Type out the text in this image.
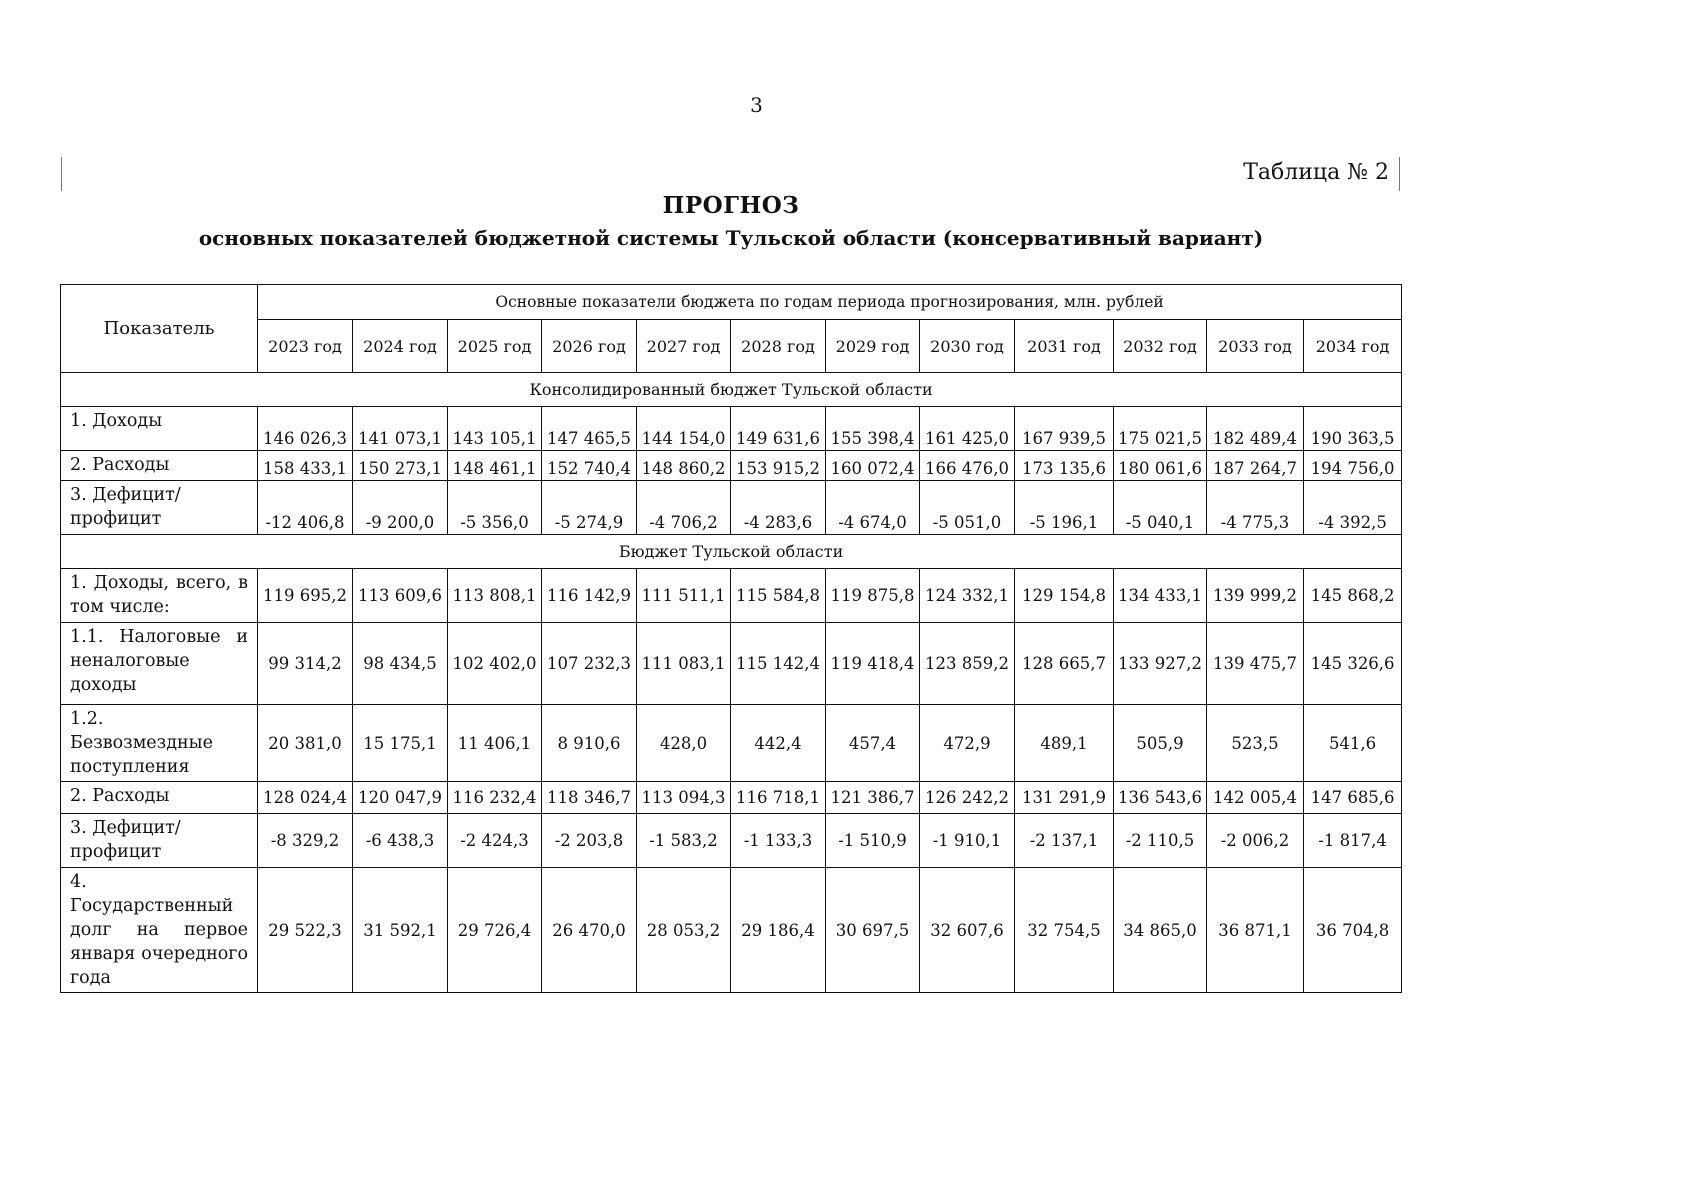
3
Таблица № 2
ПРОГНОЗ
основных показателей бюджетной системы Тульской области (консервативный вариант)
Показатель	Основные показатели бюджета по годам периода прогнозирования, млн. рублей											
	2023 год	2024 год	2025 год	2026 год	2027 год	2028 год	2029 год	2030 год	2031 год	2032 год	2033 год	2034 год
Консолидированный бюджет Тульской области												
1. Доходы	146 026,3	141 073,1	143 105,1	147 465,5	144 154,0	149 631,6	155 398,4	161 425,0	167 939,5	175 021,5	182 489,4	190 363,5
2. Расходы	158 433,1	150 273,1	148 461,1	152 740,4	148 860,2	153 915,2	160 072,4	166 476,0	173 135,6	180 061,6	187 264,7	194 756,0
3. Дефицит/ профицит	-12 406,8	-9 200,0	-5 356,0	-5 274,9	-4 706,2	-4 283,6	-4 674,0	-5 051,0	-5 196,1	-5 040,1	-4 775,3	-4 392,5
Бюджет Тульской области												
1. Доходы, всего, в том числе:	119 695,2	113 609,6	113 808,1	116 142,9	111 511,1	115 584,8	119 875,8	124 332,1	129 154,8	134 433,1	139 999,2	145 868,2
1.1. Налоговые и неналоговые доходы	99 314,2	98 434,5	102 402,0	107 232,3	111 083,1	115 142,4	119 418,4	123 859,2	128 665,7	133 927,2	139 475,7	145 326,6
1.2. Безвозмездные поступления	20 381,0	15 175,1	11 406,1	8 910,6	428,0	442,4	457,4	472,9	489,1	505,9	523,5	541,6
2. Расходы	128 024,4	120 047,9	116 232,4	118 346,7	113 094,3	116 718,1	121 386,7	126 242,2	131 291,9	136 543,6	142 005,4	147 685,6
3. Дефицит/ профицит	-8 329,2	-6 438,3	-2 424,3	-2 203,8	-1 583,2	-1 133,3	-1 510,9	-1 910,1	-2 137,1	-2 110,5	-2 006,2	-1 817,4
4. Государственный долг на первое января очередного года	29 522,3	31 592,1	29 726,4	26 470,0	28 053,2	29 186,4	30 697,5	32 607,6	32 754,5	34 865,0	36 871,1	36 704,8
